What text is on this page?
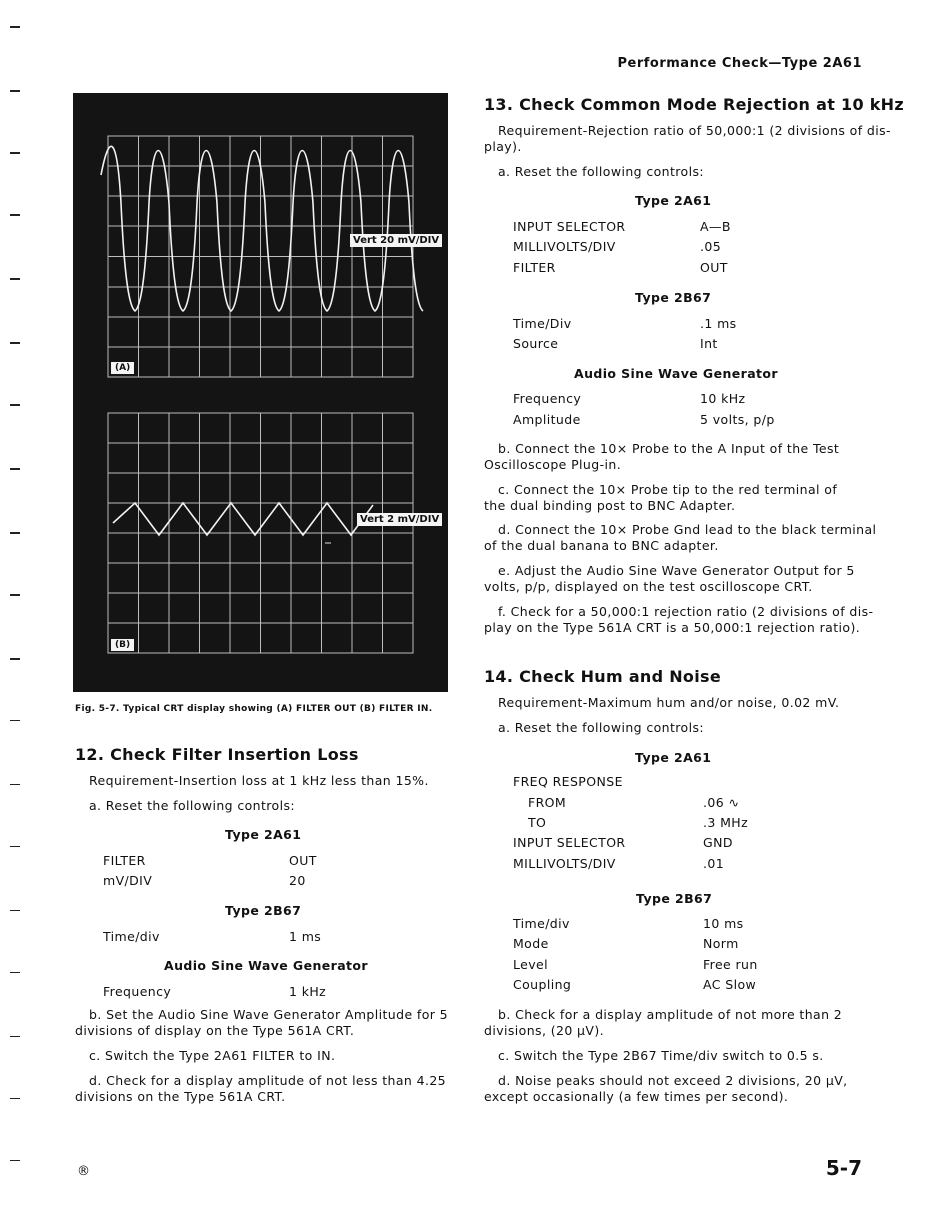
Performance Check—Type 2A61
(A)
(B)
Vert 20 mV/DIV
Vert 2 mV/DIV
Fig. 5-7. Typical CRT display showing (A) FILTER OUT (B) FILTER IN.
12. Check Filter Insertion Loss
Requirement-Insertion loss at 1 kHz less than 15%.
a. Reset the following controls:
Type 2A61
FILTER	OUT
mV/DIV	20
Type 2B67
Time/div	1 ms
Audio Sine Wave Generator
Frequency	1 kHz
b. Set the Audio Sine Wave Generator Amplitude for 5
divisions of display on the Type 561A CRT.
c. Switch the Type 2A61 FILTER to IN.
d. Check for a display amplitude of not less than 4.25
divisions on the Type 561A CRT.
13. Check Common Mode Rejection at 10 kHz
Requirement-Rejection ratio of 50,000:1 (2 divisions of dis-
play).
a. Reset the following controls:
Type 2A61
INPUT SELECTOR	A—B
MILLIVOLTS/DIV	.05
FILTER	OUT
Type 2B67
Time/Div	.1 ms
Source	Int
Audio Sine Wave Generator
Frequency	10 kHz
Amplitude	5 volts, p/p
b. Connect the 10× Probe to the A Input of the Test
Oscilloscope Plug-in.
c. Connect the 10× Probe tip to the red terminal of
the dual binding post to BNC Adapter.
d. Connect the 10× Probe Gnd lead to the black terminal
of the dual banana to BNC adapter.
e. Adjust the Audio Sine Wave Generator Output for 5
volts, p/p, displayed on the test oscilloscope CRT.
f. Check for a 50,000:1 rejection ratio (2 divisions of dis-
play on the Type 561A CRT is a 50,000:1 rejection ratio).
14. Check Hum and Noise
Requirement-Maximum hum and/or noise, 0.02 mV.
a. Reset the following controls:
Type 2A61
FREQ RESPONSE
FROM	.06 ∿
TO	.3 MHz
INPUT SELECTOR	GND
MILLIVOLTS/DIV	.01
Type 2B67
Time/div	10 ms
Mode	Norm
Level	Free run
Coupling	AC Slow
b. Check for a display amplitude of not more than 2
divisions, (20 µV).
c. Switch the Type 2B67 Time/div switch to 0.5 s.
d. Noise peaks should not exceed 2 divisions, 20 µV,
except occasionally (a few times per second).
®	5-7
